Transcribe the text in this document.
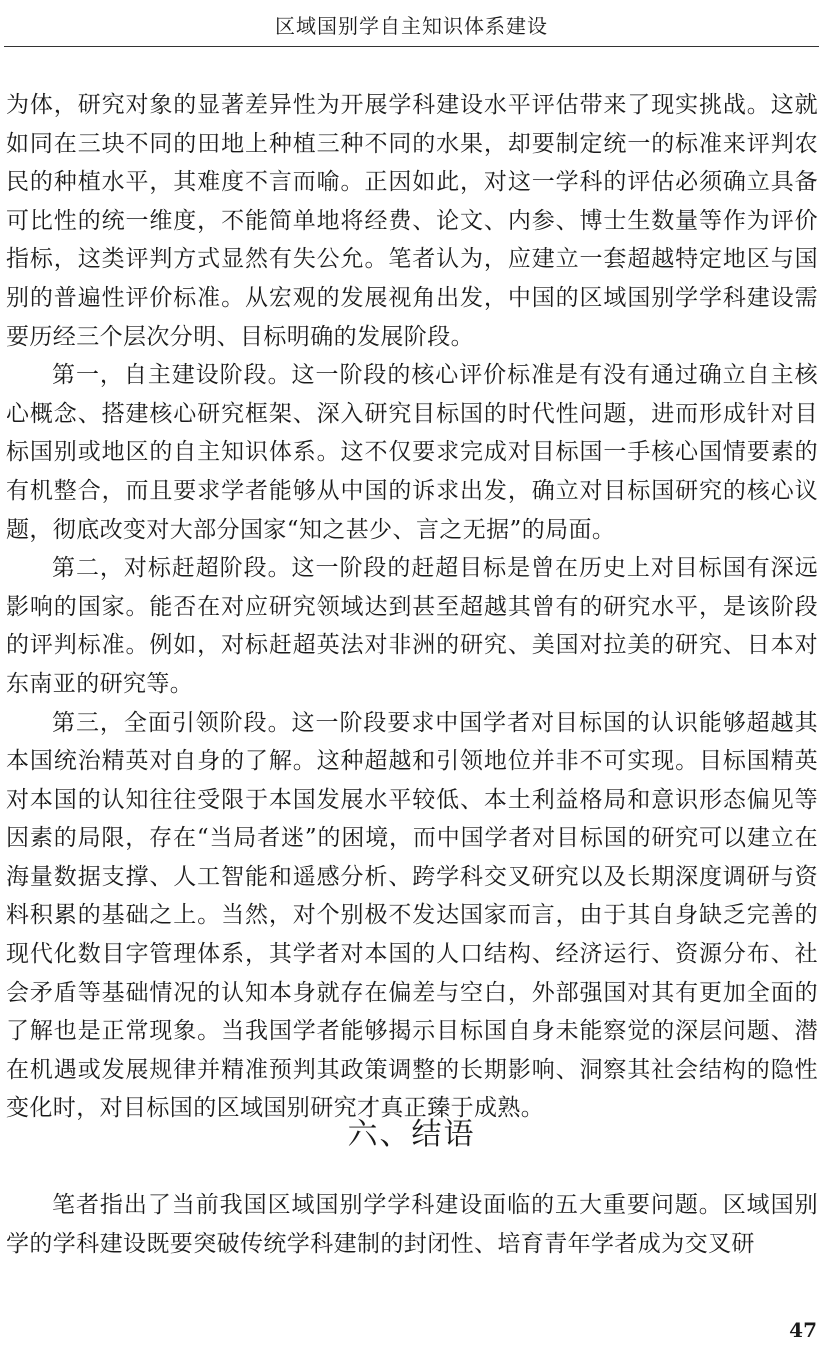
区域国别学自主知识体系建设

为体，研究对象的显著差异性为开展学科建设水平评估带来了现实挑战。这就如同在三块不同的田地上种植三种不同的水果，却要制定统一的标准来评判农民的种植水平，其难度不言而喻。正因如此，对这一学科的评估必须确立具备可比性的统一维度，不能简单地将经费、论文、内参、博士生数量等作为评价指标，这类评判方式显然有失公允。笔者认为，应建立一套超越特定地区与国别的普遍性评价标准。从宏观的发展视角出发，中国的区域国别学学科建设需要历经三个层次分明、目标明确的发展阶段。

第一，自主建设阶段。这一阶段的核心评价标准是有没有通过确立自主核心概念、搭建核心研究框架、深入研究目标国的时代性问题，进而形成针对目标国别或地区的自主知识体系。这不仅要求完成对目标国一手核心国情要素的有机整合，而且要求学者能够从中国的诉求出发，确立对目标国研究的核心议题，彻底改变对大部分国家“知之甚少、言之无据”的局面。

第二，对标赶超阶段。这一阶段的赶超目标是曾在历史上对目标国有深远影响的国家。能否在对应研究领域达到甚至超越其曾有的研究水平，是该阶段的评判标准。例如，对标赶超英法对非洲的研究、美国对拉美的研究、日本对东南亚的研究等。

第三，全面引领阶段。这一阶段要求中国学者对目标国的认识能够超越其本国统治精英对自身的了解。这种超越和引领地位并非不可实现。目标国精英对本国的认知往往受限于本国发展水平较低、本土利益格局和意识形态偏见等因素的局限，存在“当局者迷”的困境，而中国学者对目标国的研究可以建立在海量数据支撑、人工智能和遥感分析、跨学科交叉研究以及长期深度调研与资料积累的基础之上。当然，对个别极不发达国家而言，由于其自身缺乏完善的现代化数目字管理体系，其学者对本国的人口结构、经济运行、资源分布、社会矛盾等基础情况的认知本身就存在偏差与空白，外部强国对其有更加全面的了解也是正常现象。当我国学者能够揭示目标国自身未能察觉的深层问题、潜在机遇或发展规律并精准预判其政策调整的长期影响、洞察其社会结构的隐性变化时，对目标国的区域国别研究才真正臻于成熟。

六、结语

笔者指出了当前我国区域国别学学科建设面临的五大重要问题。区域国别学的学科建设既要突破传统学科建制的封闭性、培育青年学者成为交叉研

47
